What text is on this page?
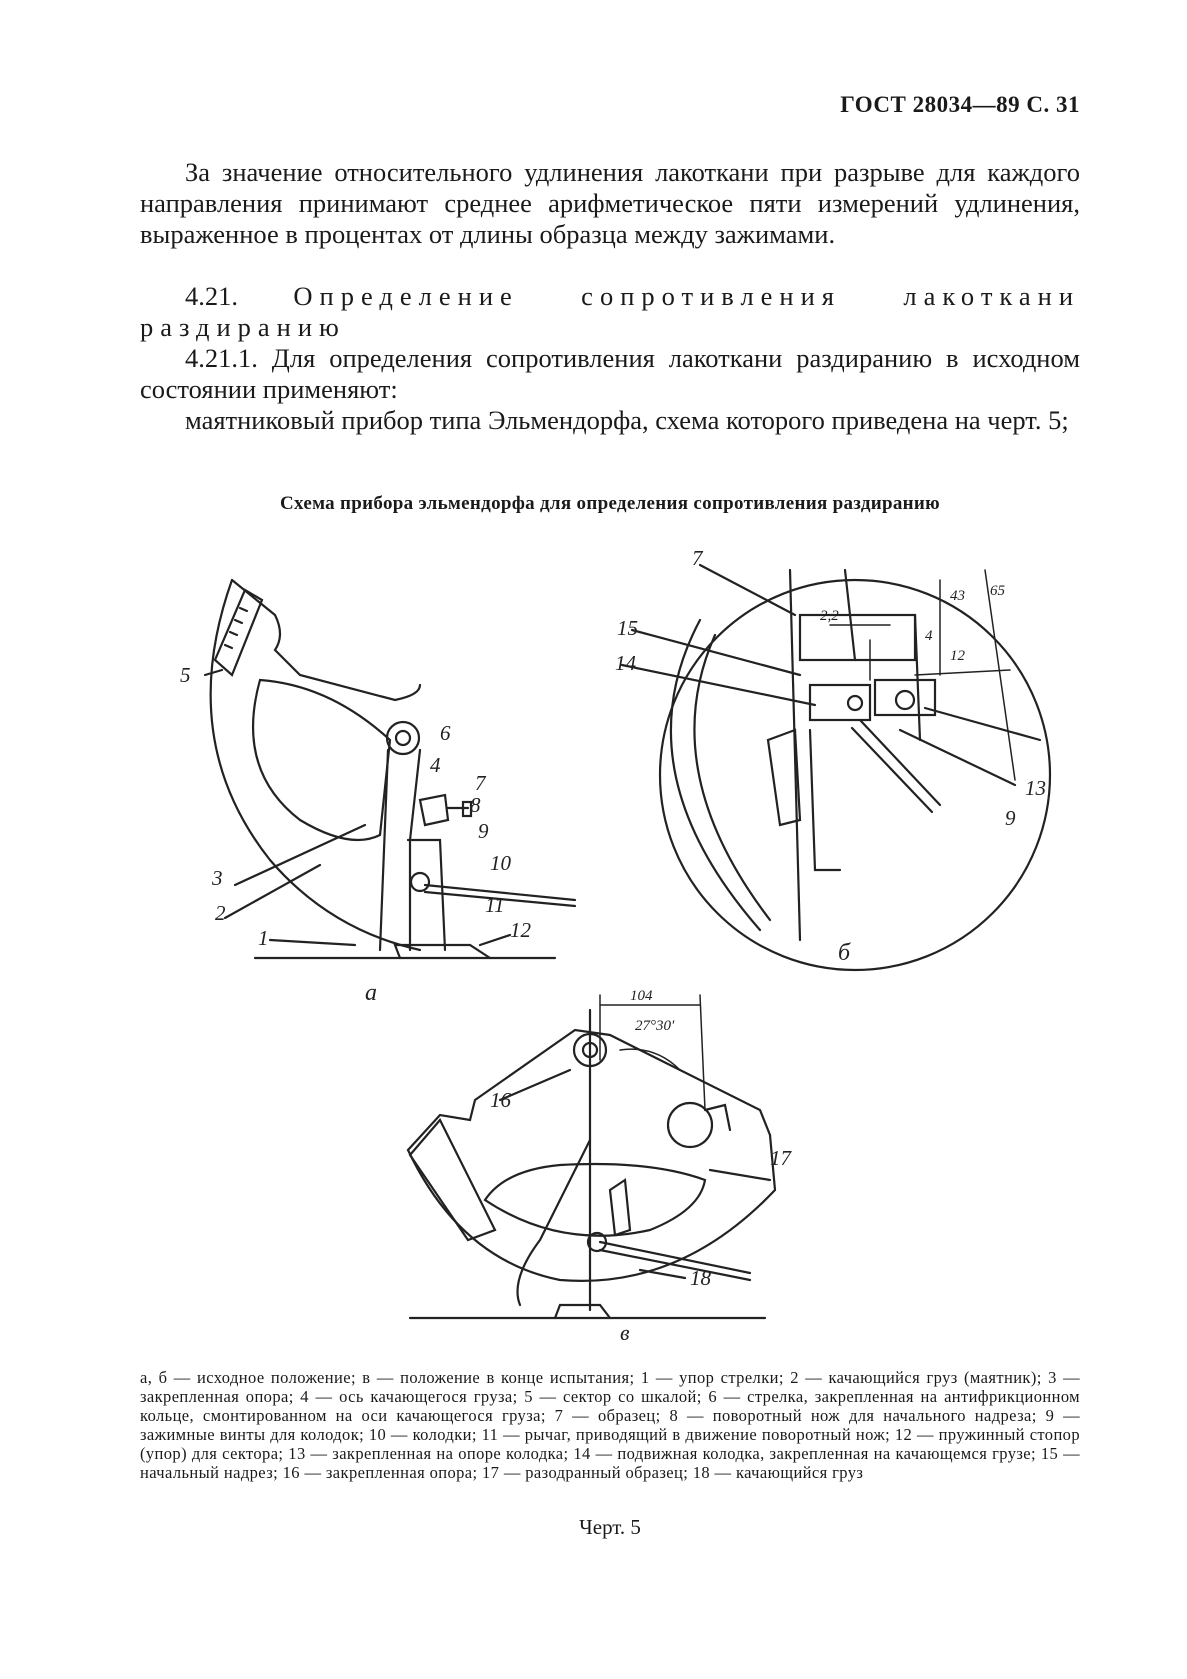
ГОСТ 28034—89 С. 31
За значение относительного удлинения лакоткани при разрыве для каждого направления принимают среднее арифметическое пяти измерений удлинения, выраженное в процентах от длины образца между зажимами.
4.21. Определение сопротивления лакоткани раздиранию
4.21.1. Для определения сопротивления лакоткани раздиранию в исходном состоянии применяют:
маятниковый прибор типа Эльмендорфа, схема которого приведена на черт. 5;
Схема прибора эльмендорфа для определения сопротивления раздиранию
5
4
6
7
8
9
10
11
12
3
2
1
а
7
15
14
13
9
2,2
4
12
43 65
б
16
17
18
104
27°30'
в
а, б — исходное положение; в — положение в конце испытания; 1 — упор стрелки; 2 — качающийся груз (маятник); 3 — закрепленная опора; 4 — ось качающегося груза; 5 — сектор со шкалой; 6 — стрелка, закрепленная на антифрикционном кольце, смонтированном на оси качающегося груза; 7 — образец; 8 — поворотный нож для начального надреза; 9 — зажимные винты для колодок; 10 — колодки; 11 — рычаг, приводящий в движение поворотный нож; 12 — пружинный стопор (упор) для сектора; 13 — закрепленная на опоре колодка; 14 — подвижная колодка, закрепленная на качающемся грузе; 15 — начальный надрез; 16 — закрепленная опора; 17 — разодранный образец; 18 — качающийся груз
Черт. 5
